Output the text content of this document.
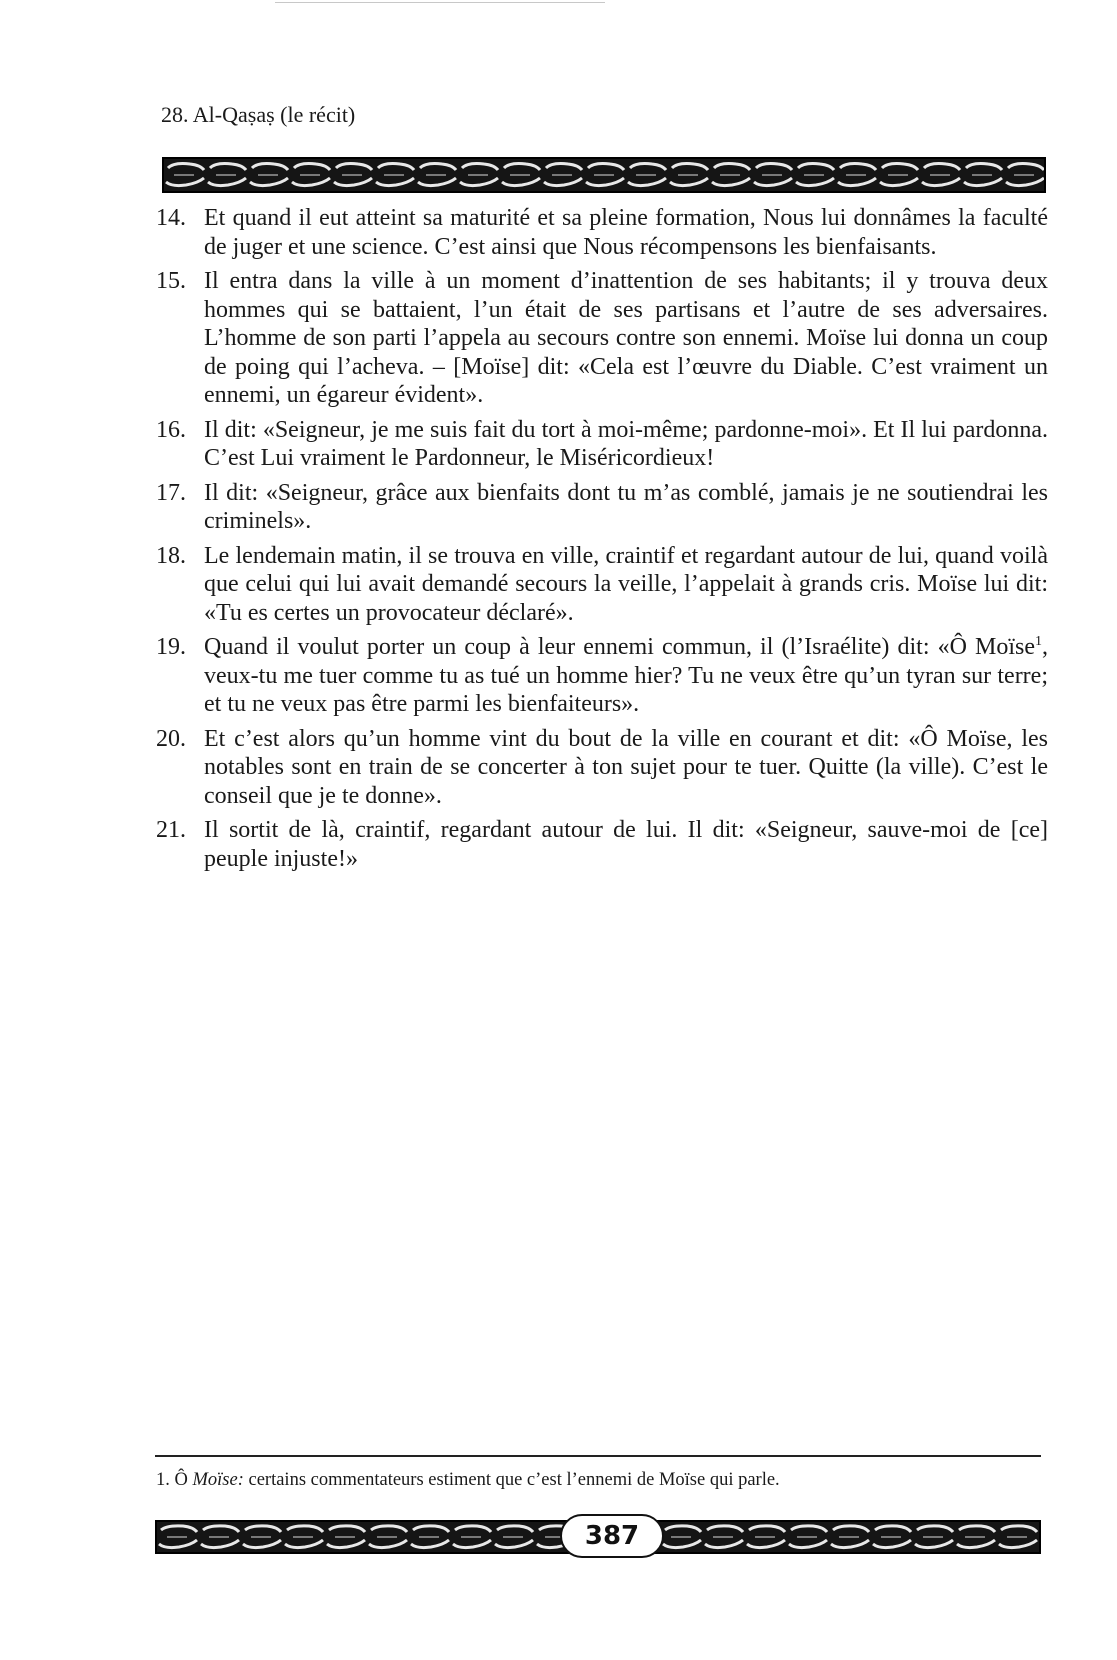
28. Al-Qaṣaṣ (le récit)
14. Et quand il eut atteint sa maturité et sa pleine formation, Nous lui donnâmes la faculté de juger et une science. C’est ainsi que Nous récompensons les bienfaisants.
15. Il entra dans la ville à un moment d’inattention de ses habitants; il y trouva deux hommes qui se battaient, l’un était de ses partisans et l’autre de ses adversaires. L’homme de son parti l’appela au secours contre son ennemi. Moïse lui donna un coup de poing qui l’acheva. – [Moïse] dit: «Cela est l’œuvre du Diable. C’est vraiment un ennemi, un égareur évident».
16. Il dit: «Seigneur, je me suis fait du tort à moi-même; pardonne-moi». Et Il lui pardonna. C’est Lui vraiment le Pardonneur, le Miséricordieux!
17. Il dit: «Seigneur, grâce aux bienfaits dont tu m’as comblé, jamais je ne soutiendrai les criminels».
18. Le lendemain matin, il se trouva en ville, craintif et regardant autour de lui, quand voilà que celui qui lui avait demandé secours la veille, l’appelait à grands cris. Moïse lui dit: «Tu es certes un provocateur déclaré».
19. Quand il voulut porter un coup à leur ennemi commun, il (l’Israélite) dit: «Ô Moïse$^1$, veux-tu me tuer comme tu as tué un homme hier? Tu ne veux être qu’un tyran sur terre; et tu ne veux pas être parmi les bienfaiteurs».
20. Et c’est alors qu’un homme vint du bout de la ville en courant et dit: «Ô Moïse, les notables sont en train de se concerter à ton sujet pour te tuer. Quitte (la ville). C’est le conseil que je te donne».
21. Il sortit de là, craintif, regardant autour de lui. Il dit: «Seigneur, sauve-moi de [ce] peuple injuste!»
1. Ô Moïse: certains commentateurs estiment que c’est l’ennemi de Moïse qui parle.
387
